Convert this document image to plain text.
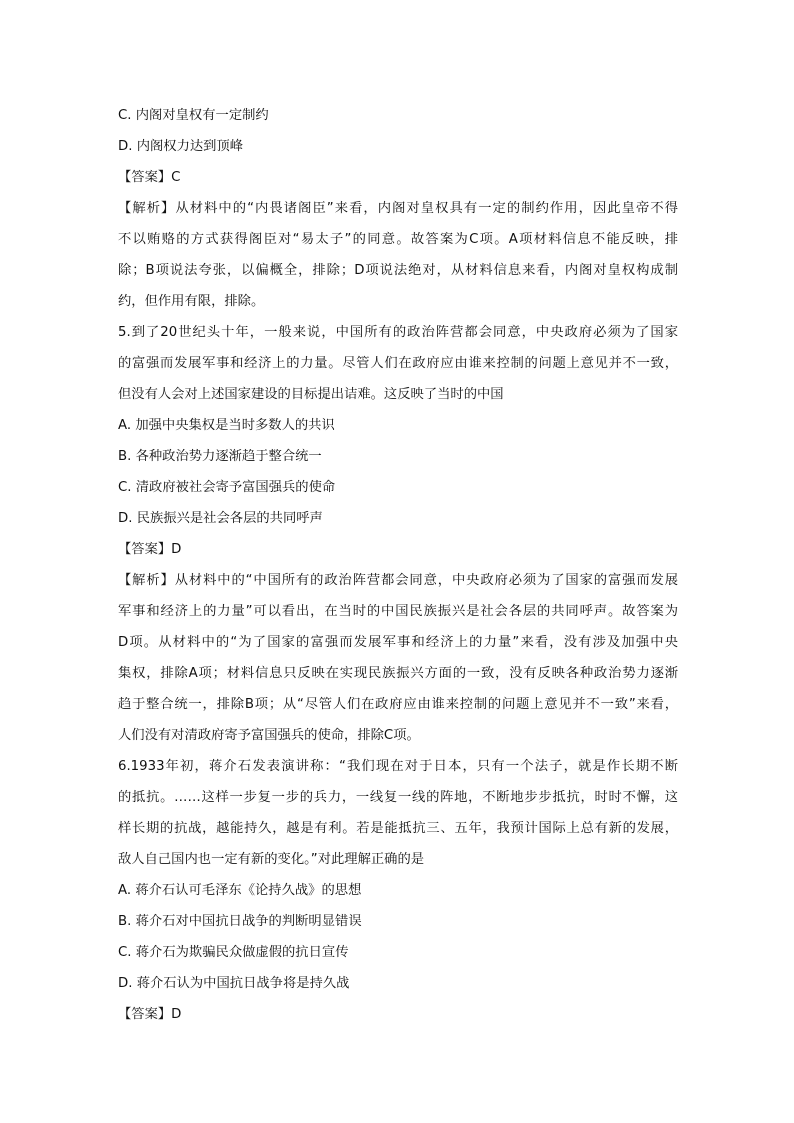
C. 内阁对皇权有一定制约
D. 内阁权力达到顶峰
【答案】C
【解析】从材料中的“内畏诸阁臣”来看，内阁对皇权具有一定的制约作用，因此皇帝不得
不以贿赂的方式获得阁臣对“易太子”的同意。故答案为C项。A项材料信息不能反映，排
除；B项说法夸张，以偏概全，排除；D项说法绝对，从材料信息来看，内阁对皇权构成制
约，但作用有限，排除。
5.到了20世纪头十年，一般来说，中国所有的政治阵营都会同意，中央政府必须为了国家
的富强而发展军事和经济上的力量。尽管人们在政府应由谁来控制的问题上意见并不一致，
但没有人会对上述国家建设的目标提出诘难。这反映了当时的中国
A. 加强中央集权是当时多数人的共识
B. 各种政治势力逐渐趋于整合统一
C. 清政府被社会寄予富国强兵的使命
D. 民族振兴是社会各层的共同呼声
【答案】D
【解析】从材料中的“中国所有的政治阵营都会同意，中央政府必须为了国家的富强而发展
军事和经济上的力量”可以看出，在当时的中国民族振兴是社会各层的共同呼声。故答案为
D项。从材料中的“为了国家的富强而发展军事和经济上的力量”来看，没有涉及加强中央
集权，排除A项；材料信息只反映在实现民族振兴方面的一致，没有反映各种政治势力逐渐
趋于整合统一，排除B项；从“尽管人们在政府应由谁来控制的问题上意见并不一致”来看，
人们没有对清政府寄予富国强兵的使命，排除C项。
6.1933年初，蒋介石发表演讲称：“我们现在对于日本，只有一个法子，就是作长期不断
的抵抗。……这样一步复一步的兵力，一线复一线的阵地，不断地步步抵抗，时时不懈，这
样长期的抗战，越能持久，越是有利。若是能抵抗三、五年，我预计国际上总有新的发展，
敌人自己国内也一定有新的变化。”对此理解正确的是
A. 蒋介石认可毛泽东《论持久战》的思想
B. 蒋介石对中国抗日战争的判断明显错误
C. 蒋介石为欺骗民众做虚假的抗日宣传
D. 蒋介石认为中国抗日战争将是持久战
【答案】D
